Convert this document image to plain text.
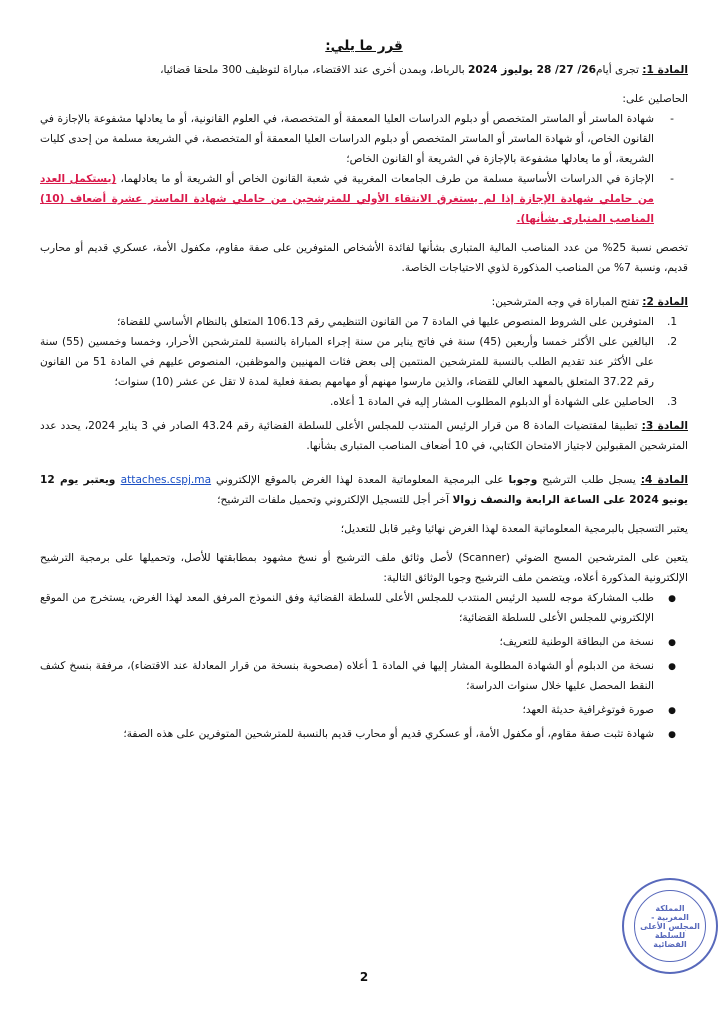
قرر ما يلي:

المادة 1: تجرى أيام26/ 27/ 28 يوليوز 2024 بالرباط، وبمدن أخرى عند الاقتضاء، مباراة لتوظيف 300 ملحقا قضائيا،

الحاصلين على:

-
شهادة الماستر أو الماستر المتخصص أو دبلوم الدراسات العليا المعمقة أو المتخصصة، في العلوم القانونية، أو ما يعادلها مشفوعة بالإجازة في القانون الخاص، أو شهادة الماستر أو الماستر المتخصص أو دبلوم الدراسات العليا المعمقة أو المتخصصة، في الشريعة مسلمة من إحدى كليات الشريعة، أو ما يعادلها مشفوعة بالإجازة في الشريعة أو القانون الخاص؛
-
الإجازة في الدراسات الأساسية مسلمة من طرف الجامعات المغربية في شعبة القانون الخاص أو الشريعة أو ما يعادلهما، (يستكمل العدد من حاملي شهادة الإجازة إذا لم يستغرق الانتقاء الأولي للمترشحين من حاملي شهادة الماستر عشرة أضعاف (10) المناصب المتبارى بشأنها).

تخصص نسبة 25% من عدد المناصب المالية المتبارى بشأنها لفائدة الأشخاص المتوفرين على صفة مقاوم، مكفول الأمة، عسكري قديم أو محارب قديم، ونسبة 7% من المناصب المذكورة لذوي الاحتياجات الخاصة.

المادة 2: تفتح المباراة في وجه المترشحين:

1.
المتوفرين على الشروط المنصوص عليها في المادة 7 من القانون التنظيمي رقم 106.13 المتعلق بالنظام الأساسي للقضاة؛
2.
البالغين على الأكثر خمسا وأربعين (45) سنة في فاتح يناير من سنة إجراء المباراة بالنسبة للمترشحين الأحرار، وخمسا وخمسين (55) سنة على الأكثر عند تقديم الطلب بالنسبة للمترشحين المنتمين إلى بعض فئات المهنيين والموظفين، المنصوص عليهم في المادة 51 من القانون رقم 37.22 المتعلق بالمعهد العالي للقضاء، والذين مارسوا مهنهم أو مهامهم بصفة فعلية لمدة لا تقل عن عشر (10) سنوات؛
3.
الحاصلين على الشهادة أو الدبلوم المطلوب المشار إليه في المادة 1 أعلاه.

المادة 3: تطبيقا لمقتضيات المادة 8 من قرار الرئيس المنتدب للمجلس الأعلى للسلطة القضائية رقم 43.24 الصادر في 3 يناير 2024، يحدد عدد المترشحين المقبولين لاجتياز الامتحان الكتابي، في 10 أضعاف المناصب المتبارى بشأنها.

المادة 4: يسجل طلب الترشيح وجوبا على البرمجية المعلوماتية المعدة لهذا الغرض بالموقع الإلكتروني attaches.cspj.ma ويعتبر يوم 12 يونيو 2024 على الساعة الرابعة والنصف زوالا آخر أجل للتسجيل الإلكتروني وتحميل ملفات الترشيح؛

يعتبر التسجيل بالبرمجية المعلوماتية المعدة لهذا الغرض نهائيا وغير قابل للتعديل؛

يتعين على المترشحين المسح الضوئي (Scanner) لأصل وثائق ملف الترشيح أو نسخ مشهود بمطابقتها للأصل، وتحميلها على برمجية الترشيح الإلكترونية المذكورة أعلاه، ويتضمن ملف الترشيح وجوبا الوثائق التالية:

●
طلب المشاركة موجه للسيد الرئيس المنتدب للمجلس الأعلى للسلطة القضائية وفق النموذج المرفق المعد لهذا الغرض، يستخرج من الموقع الإلكتروني للمجلس الأعلى للسلطة القضائية؛
●
نسخة من البطاقة الوطنية للتعريف؛
●
نسخة من الدبلوم أو الشهادة المطلوبة المشار إليها في المادة 1 أعلاه (مصحوبة بنسخة من قرار المعادلة عند الاقتضاء)، مرفقة بنسخ كشف النقط المحصل عليها خلال سنوات الدراسة؛
●
صورة فوتوغرافية حديثة العهد؛
●
شهادة تثبت صفة مقاوم، أو مكفول الأمة، أو عسكري قديم أو محارب قديم بالنسبة للمترشحين المتوفرين على هذه الصفة؛
2
المملكة المغربية - المجلس الأعلى للسلطة القضائية
